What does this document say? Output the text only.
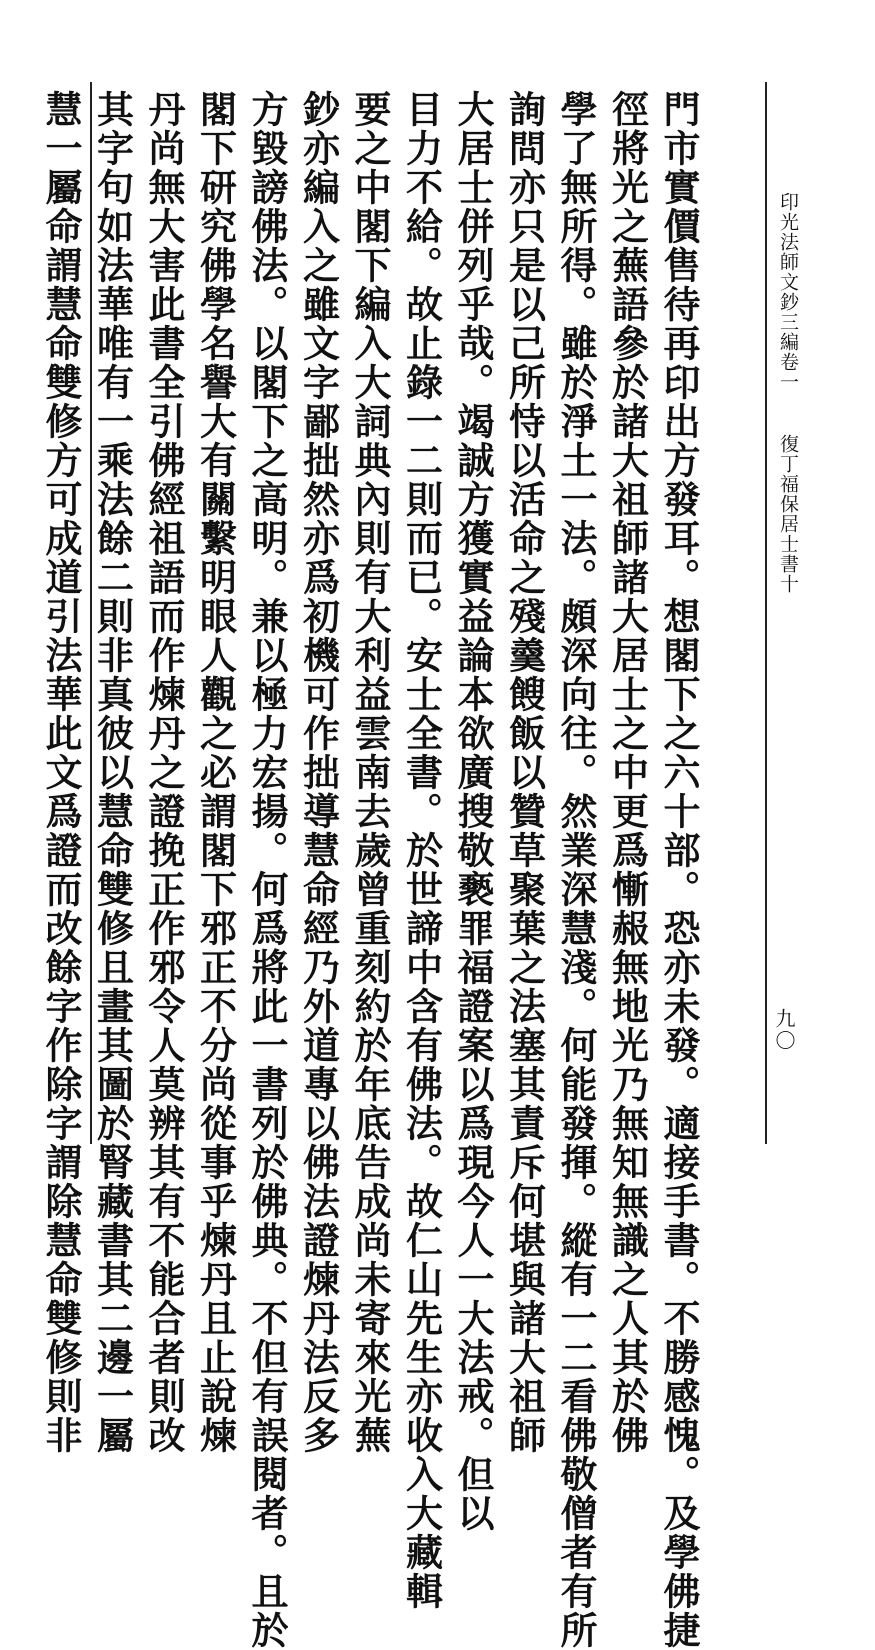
印光法師文鈔三編卷一復丁福保居士書十
九〇
門市實價售待再印出方發耳。想閣下之六十部。恐亦未發。適接手書。不勝感愧。及學佛捷
徑將光之蕪語參於諸大祖師諸大居士之中更爲慚赧無地光乃無知無識之人其於佛
學了無所得。雖於淨土一法。頗深向往。然業深慧淺。何能發揮。縱有一二看佛敬僧者有所
詢問亦只是以己所恃以活命之殘羹餿飯以贊草聚葉之法塞其責斥何堪與諸大祖師
大居士併列乎哉。竭誠方獲實益論本欲廣搜敬褻罪福證案以爲現今人一大法戒。但以
目力不給。故止錄一二則而已。安士全書。於世諦中含有佛法。故仁山先生亦收入大藏輯
要之中閣下編入大詞典內則有大利益雲南去歲曾重刻約於年底告成尚未寄來光蕪
鈔亦編入之雖文字鄙拙然亦爲初機可作拙導慧命經乃外道專以佛法證煉丹法反多
方毀謗佛法。以閣下之高明。兼以極力宏揚。何爲將此一書列於佛典。不但有誤閱者。且於
閣下研究佛學名譽大有關繫明眼人觀之必謂閣下邪正不分尚從事乎煉丹且止說煉
丹尚無大害此書全引佛經祖語而作煉丹之證挽正作邪令人莫辨其有不能合者則改
其字句如法華唯有一乘法餘二則非真彼以慧命雙修且畫其圖於腎藏書其二邊一屬
慧一屬命謂慧命雙修方可成道引法華此文爲證而改餘字作除字謂除慧命雙修則非
